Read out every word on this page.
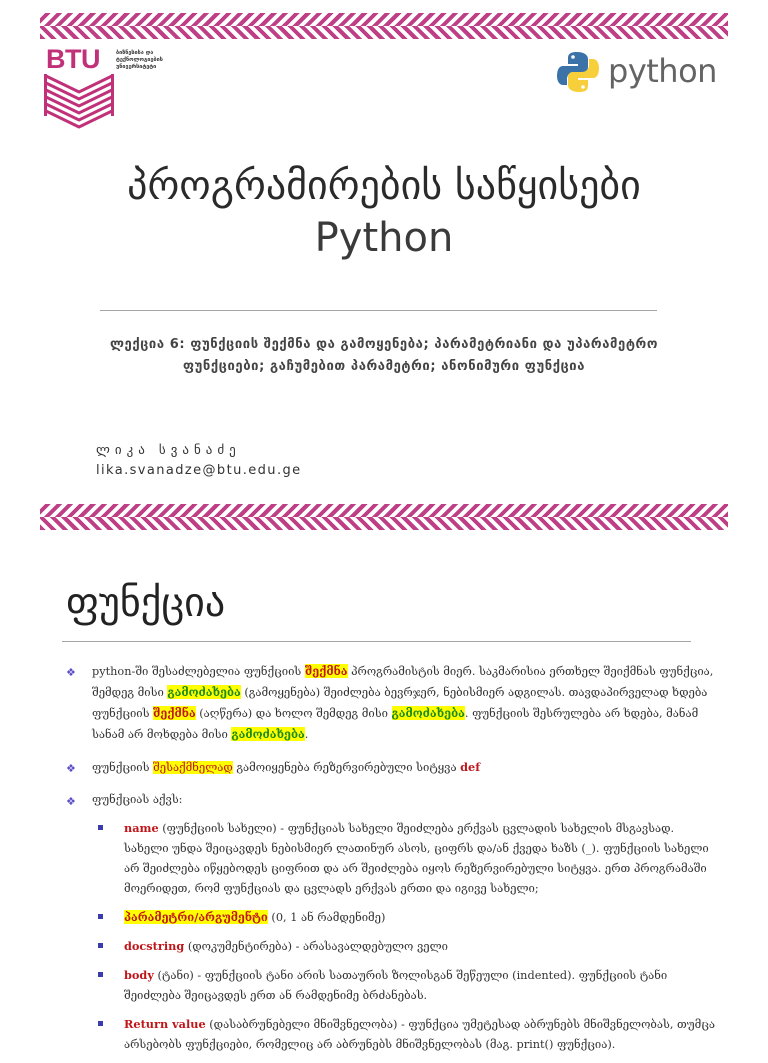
BTU	ბიზნესისა და
ტექნოლოგიების
უნივერსიტეტი	python
პროგრამირების საწყისები
Python
ლექცია 6: ფუნქციის შექმნა და გამოყენება; პარამეტრიანი და უპარამეტრო ფუნქციები; გაჩუმებით პარამეტრი; ანონიმური ფუნქცია
ლიკა სვანაძე
lika.svanadze@btu.edu.ge
ფუნქცია
❖ python-ში შესაძლებელია ფუნქციის შექმნა პროგრამისტის მიერ. საკმარისია ერთხელ შეიქმნას ფუნქცია, შემდეგ მისი გამოძახება (გამოყენება) შეიძლება ბევრჯერ, ნებისმიერ ადგილას. თავდაპირველად ხდება ფუნქციის შექმნა (აღწერა) და ხოლო შემდეგ მისი გამოძახება. ფუნქციის შესრულება არ ხდება, მანამ სანამ არ მოხდება მისი გამოძახება.
❖ ფუნქციის შესაქმნელად გამოიყენება რეზერვირებული სიტყვა def
❖ ფუნქციას აქვს:
name (ფუნქციის სახელი) - ფუნქციას სახელი შეიძლება ერქვას ცვლადის სახელის მსგავსად. სახელი უნდა შეიცავდეს ნებისმიერ ლათინურ ასოს, ციფრს და/ან ქვედა ხაზს (_). ფუნქციის სახელი არ შეიძლება იწყებოდეს ციფრით და არ შეიძლება იყოს რეზერვირებული სიტყვა. ერთ პროგრამაში მოერიდეთ, რომ ფუნქციას და ცვლადს ერქვას ერთი და იგივე სახელი;
პარამეტრი/არგუმენტი (0, 1 ან რამდენიმე)
docstring (დოკუმენტირება) - არასავალდებულო ველი
body (ტანი) - ფუნქციის ტანი არის სათაურის ზოლისგან შეწეული (indented). ფუნქციის ტანი შეიძლება შეიცავდეს ერთ ან რამდენიმე ბრძანებას.
Return value (დასაბრუნებელი მნიშვნელობა) - ფუნქცია უმეტესად აბრუნებს მნიშვნელობას, თუმცა არსებობს ფუნქციები, რომელიც არ აბრუნებს მნიშვნელობას (მაგ. print() ფუნქცია).
